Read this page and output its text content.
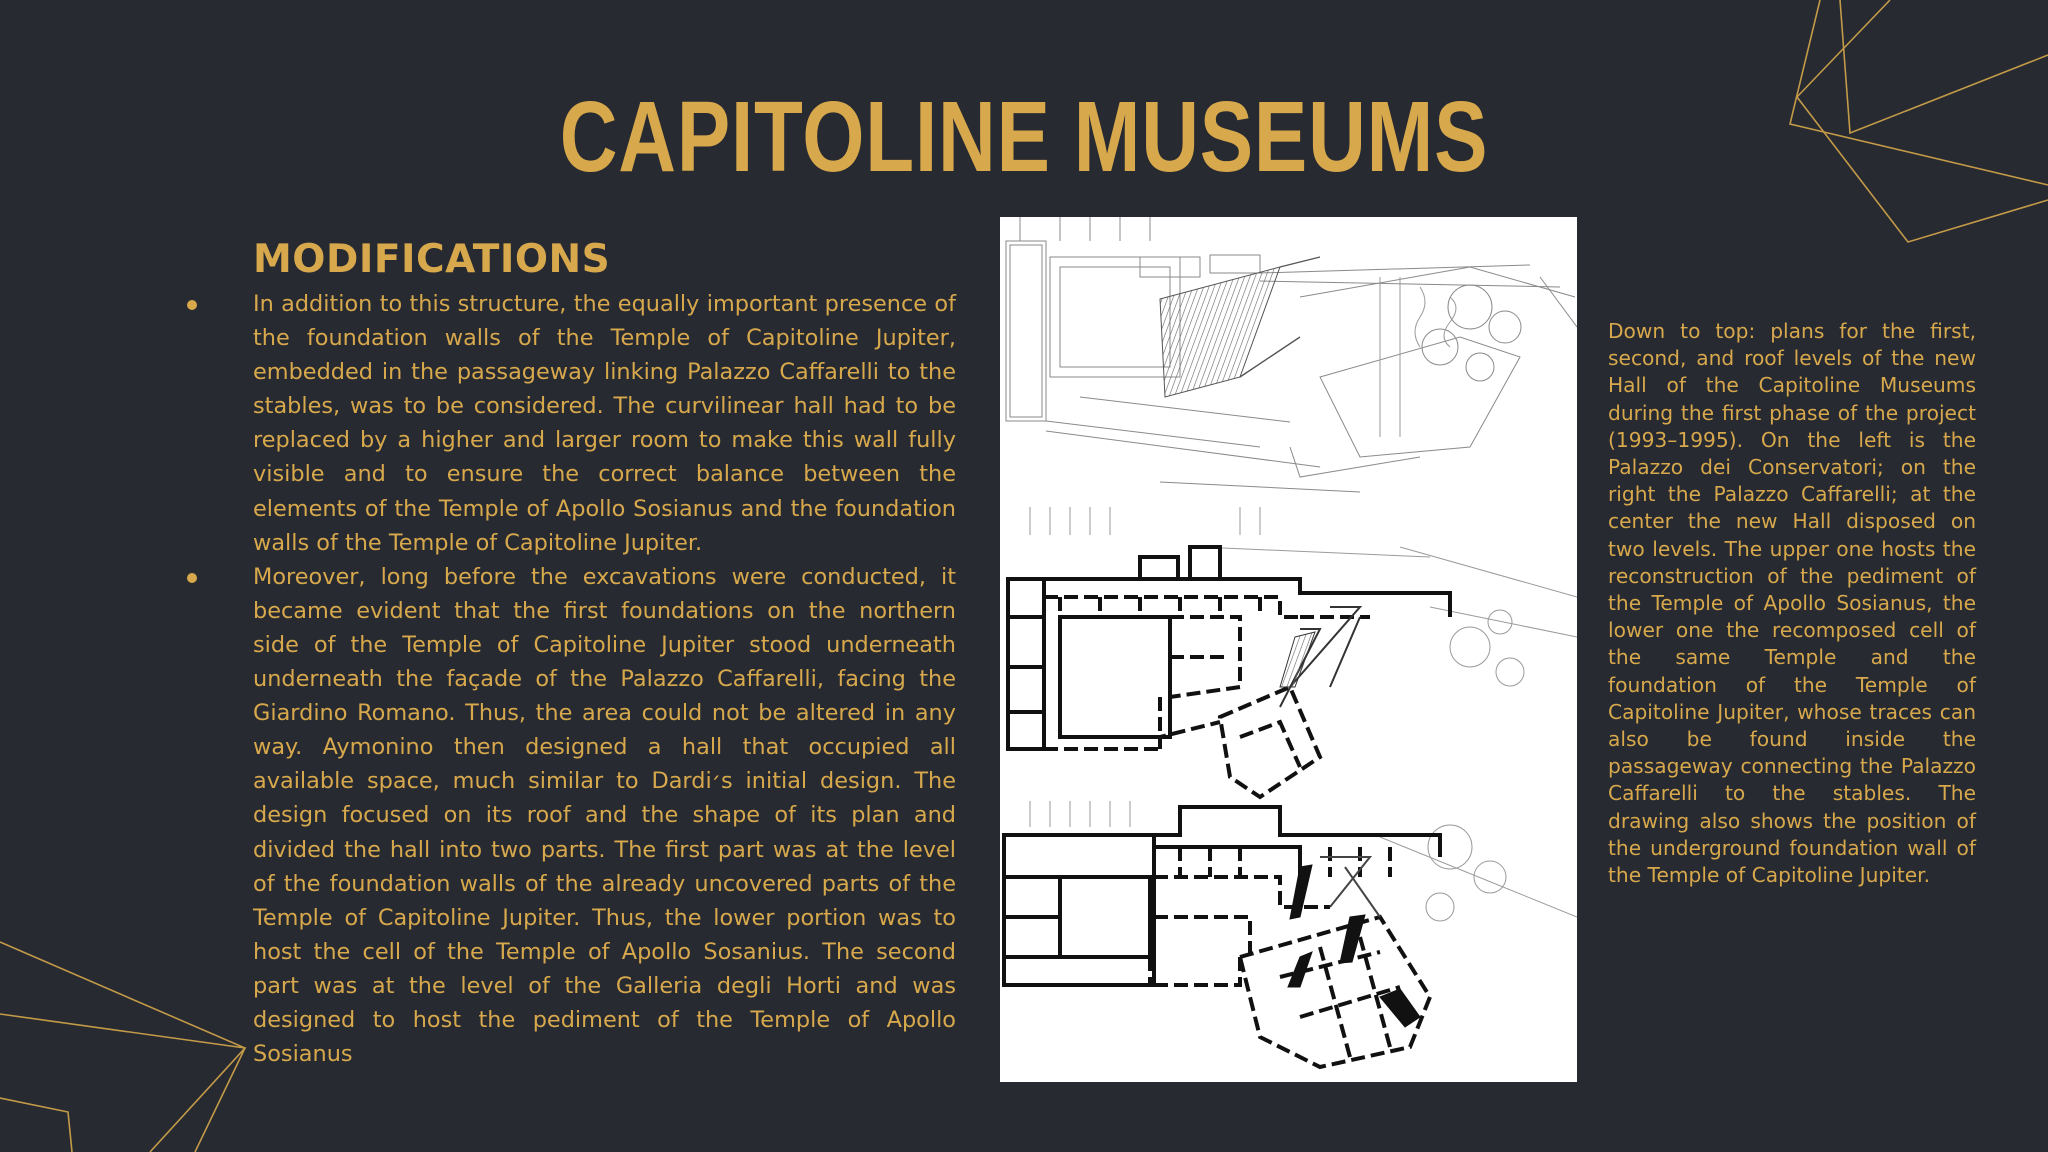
CAPITOLINE MUSEUMS
MODIFICATIONS
In addition to this structure, the equally important presence of the foundation walls of the Temple of Capitoline Jupiter, embedded in the passageway linking Palazzo Caffarelli to the stables, was to be considered. The curvilinear hall had to be replaced by a higher and larger room to make this wall fully visible and to ensure the correct balance between the elements of the Temple of Apollo Sosianus and the foundation walls of the Temple of Capitoline Jupiter.
Moreover, long before the excavations were conducted, it became evident that the first foundations on the northern side of the Temple of Capitoline Jupiter stood underneath underneath the façade of the Palazzo Caffarelli, facing the Giardino Romano. Thus, the area could not be altered in any way. Aymonino then designed a hall that occupied all available space, much similar to Dardi׳s initial design. The design focused on its roof and the shape of its plan and divided the hall into two parts. The first part was at the level of the foundation walls of the already uncovered parts of the Temple of Capitoline Jupiter. Thus, the lower portion was to host the cell of the Temple of Apollo Sosanius. The second part was at the level of the Galleria degli Horti and was designed to host the pediment of the Temple of Apollo Sosianus

Down to top: plans for the first, second, and roof levels of the new Hall of the Capitoline Museums during the first phase of the project (1993–1995). On the left is the Palazzo dei Conservatori; on the right the Palazzo Caffarelli; at the center the new Hall disposed on two levels. The upper one hosts the reconstruction of the pediment of the Temple of Apollo Sosianus, the lower one the recomposed cell of the same Temple and the foundation of the Temple of Capitoline Jupiter, whose traces can also be found inside the passageway connecting the Palazzo Caffarelli to the stables. The drawing also shows the position of the underground foundation wall of the Temple of Capitoline Jupiter.
